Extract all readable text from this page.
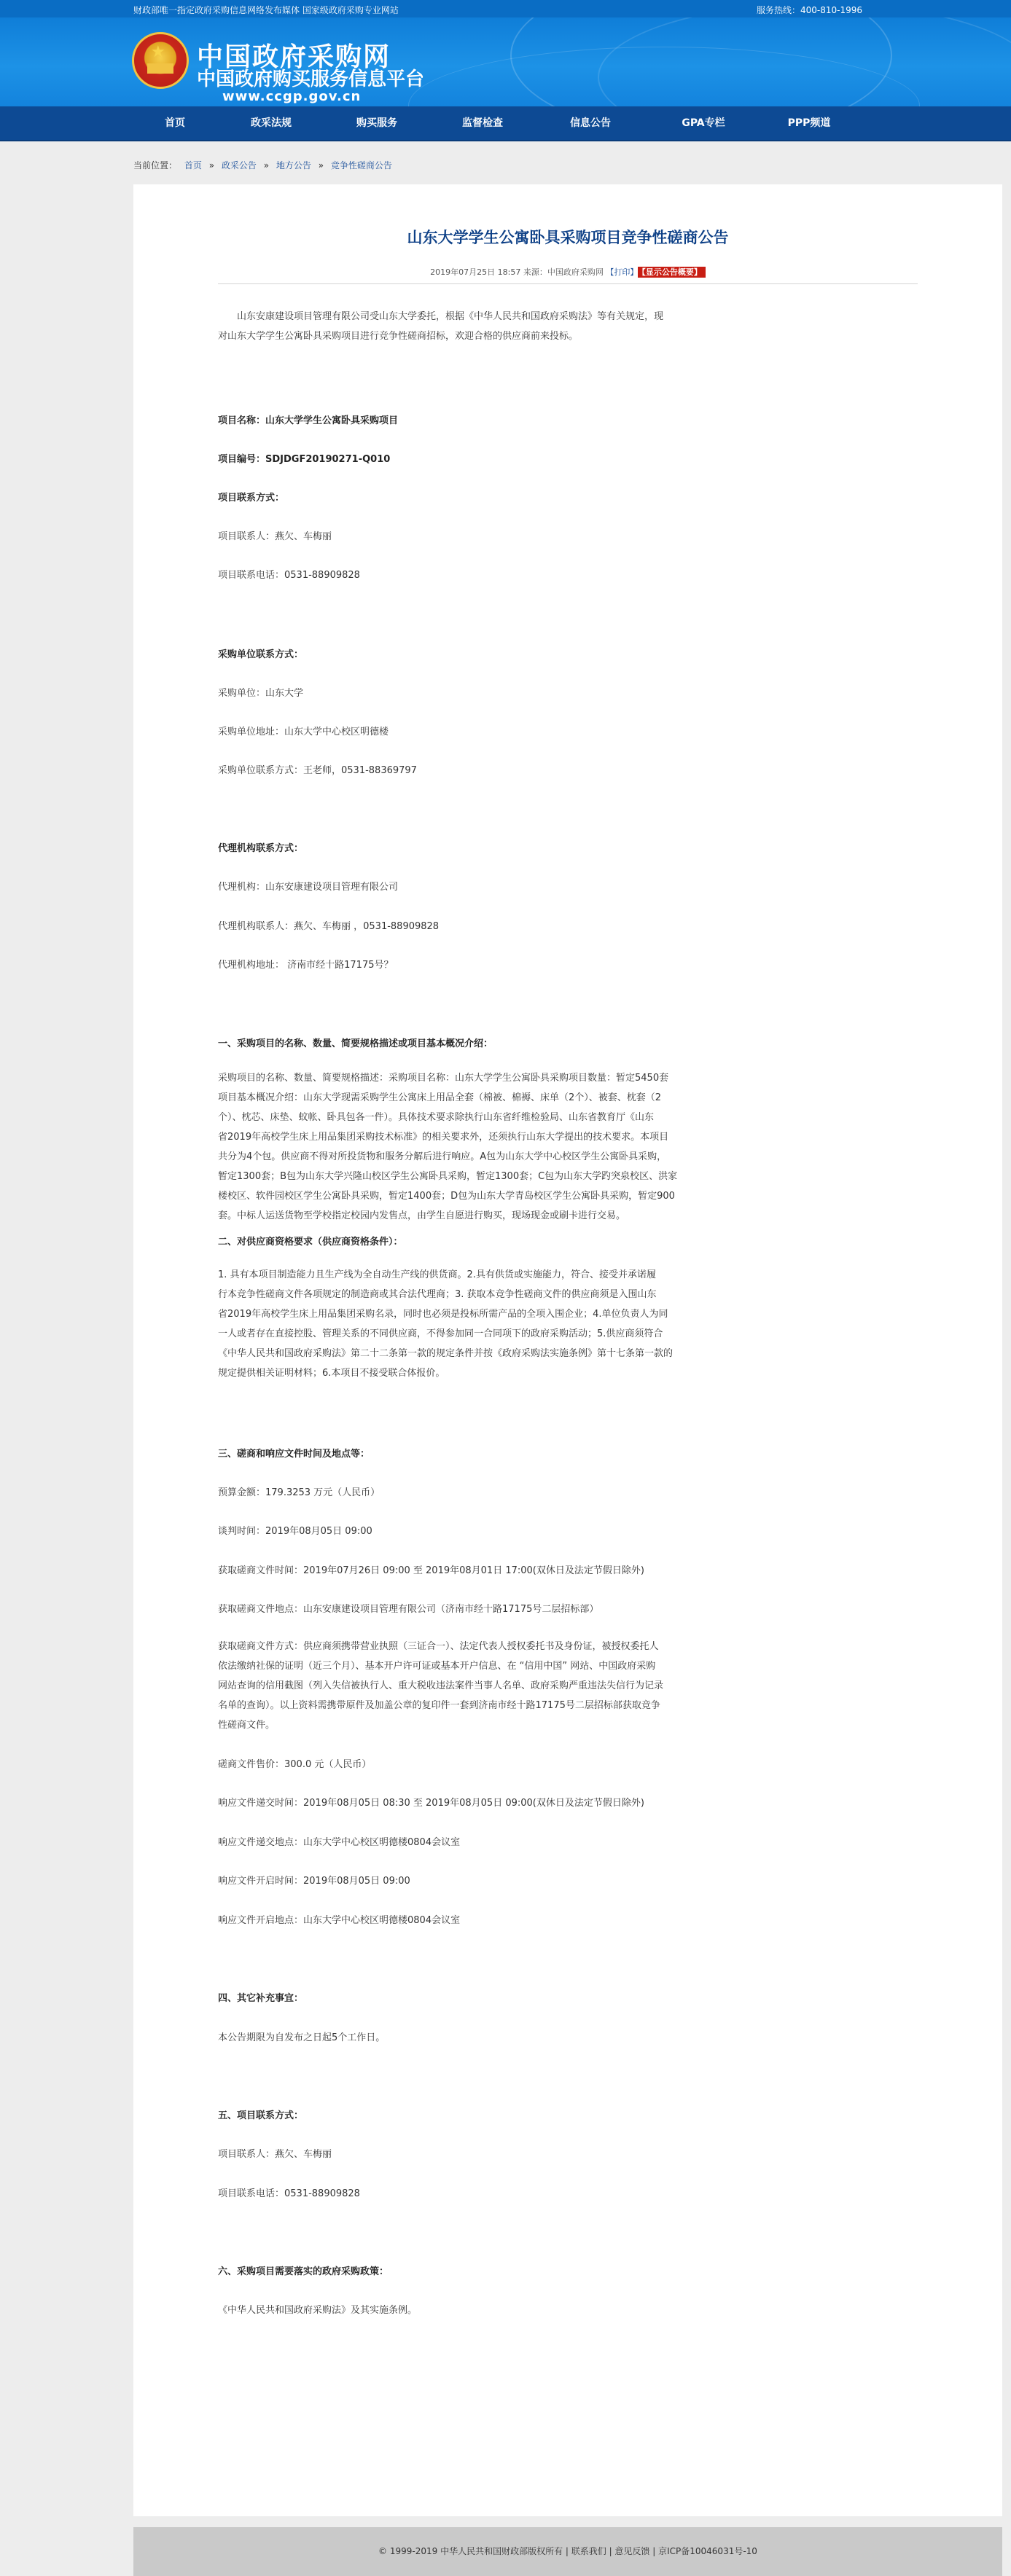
财政部唯一指定政府采购信息网络发布媒体 国家级政府采购专业网站	服务热线：400-810-1996
★ 中国政府采购网
中国政府购买服务信息平台
www.ccgp.gov.cn
首页	政采法规	购买服务	监督检查	信息公告	GPA专栏	PPP频道
当前位置： 首页 » 政采公告 » 地方公告 » 竞争性磋商公告
山东大学学生公寓卧具采购项目竞争性磋商公告
2019年07月25日 18:57 来源：中国政府采购网 【打印】 【显示公告概要】
山东安康建设项目管理有限公司受山东大学委托，根据《中华人民共和国政府采购法》等有关规定，现
对山东大学学生公寓卧具采购项目进行竞争性磋商招标，欢迎合格的供应商前来投标。
项目名称：山东大学学生公寓卧具采购项目
项目编号：SDJDGF20190271-Q010
项目联系方式：
项目联系人：燕欠、车梅丽
项目联系电话：0531-88909828
采购单位联系方式：
采购单位：山东大学
采购单位地址：山东大学中心校区明德楼
采购单位联系方式：王老师，0531-88369797
代理机构联系方式：
代理机构：山东安康建设项目管理有限公司
代理机构联系人：燕欠、车梅丽 ，0531-88909828
代理机构地址： 济南市经十路17175号？
一、采购项目的名称、数量、简要规格描述或项目基本概况介绍：
采购项目的名称、数量、简要规格描述：采购项目名称：山东大学学生公寓卧具采购项目数量：暂定5450套
项目基本概况介绍：山东大学现需采购学生公寓床上用品全套（棉被、棉褥、床单（2个）、被套、枕套（2
个）、枕芯、床垫、蚊帐、卧具包各一件）。具体技术要求除执行山东省纤维检验局、山东省教育厅《山东
省2019年高校学生床上用品集团采购技术标准》的相关要求外，还须执行山东大学提出的技术要求。本项目
共分为4个包。供应商不得对所投货物和服务分解后进行响应。A包为山东大学中心校区学生公寓卧具采购，
暂定1300套；B包为山东大学兴隆山校区学生公寓卧具采购，暂定1300套；C包为山东大学趵突泉校区、洪家
楼校区、软件园校区学生公寓卧具采购，暂定1400套；D包为山东大学青岛校区学生公寓卧具采购，暂定900
套。中标人运送货物至学校指定校园内发售点，由学生自愿进行购买，现场现金或刷卡进行交易。
二、对供应商资格要求（供应商资格条件）：
1. 具有本项目制造能力且生产线为全自动生产线的供货商。2.具有供货或实施能力，符合、接受并承诺履
行本竞争性磋商文件各项规定的制造商或其合法代理商；3. 获取本竞争性磋商文件的供应商须是入围山东
省2019年高校学生床上用品集团采购名录，同时也必须是投标所需产品的全项入围企业；4.单位负责人为同
一人或者存在直接控股、管理关系的不同供应商，不得参加同一合同项下的政府采购活动；5.供应商须符合
《中华人民共和国政府采购法》第二十二条第一款的规定条件并按《政府采购法实施条例》第十七条第一款的
规定提供相关证明材料；6.本项目不接受联合体报价。
三、磋商和响应文件时间及地点等：
预算金额：179.3253 万元（人民币）
谈判时间：2019年08月05日 09:00
获取磋商文件时间：2019年07月26日 09:00 至 2019年08月01日 17:00(双休日及法定节假日除外)
获取磋商文件地点：山东安康建设项目管理有限公司（济南市经十路17175号二层招标部）
获取磋商文件方式：供应商须携带营业执照（三证合一）、法定代表人授权委托书及身份证，被授权委托人
依法缴纳社保的证明（近三个月）、基本开户许可证或基本开户信息、在 “信用中国” 网站、中国政府采购
网站查询的信用截图（列入失信被执行人、重大税收违法案件当事人名单、政府采购严重违法失信行为记录
名单的查询）。以上资料需携带原件及加盖公章的复印件一套到济南市经十路17175号二层招标部获取竞争
性磋商文件。
磋商文件售价：300.0 元（人民币）
响应文件递交时间：2019年08月05日 08:30 至 2019年08月05日 09:00(双休日及法定节假日除外)
响应文件递交地点：山东大学中心校区明德楼0804会议室
响应文件开启时间：2019年08月05日 09:00
响应文件开启地点：山东大学中心校区明德楼0804会议室
四、其它补充事宜：
本公告期限为自发布之日起5个工作日。
五、项目联系方式：
项目联系人：燕欠、车梅丽
项目联系电话：0531-88909828
六、采购项目需要落实的政府采购政策：
《中华人民共和国政府采购法》及其实施条例。
© 1999-2019 中华人民共和国财政部版权所有 | 联系我们 | 意见反馈 | 京ICP备10046031号-10
